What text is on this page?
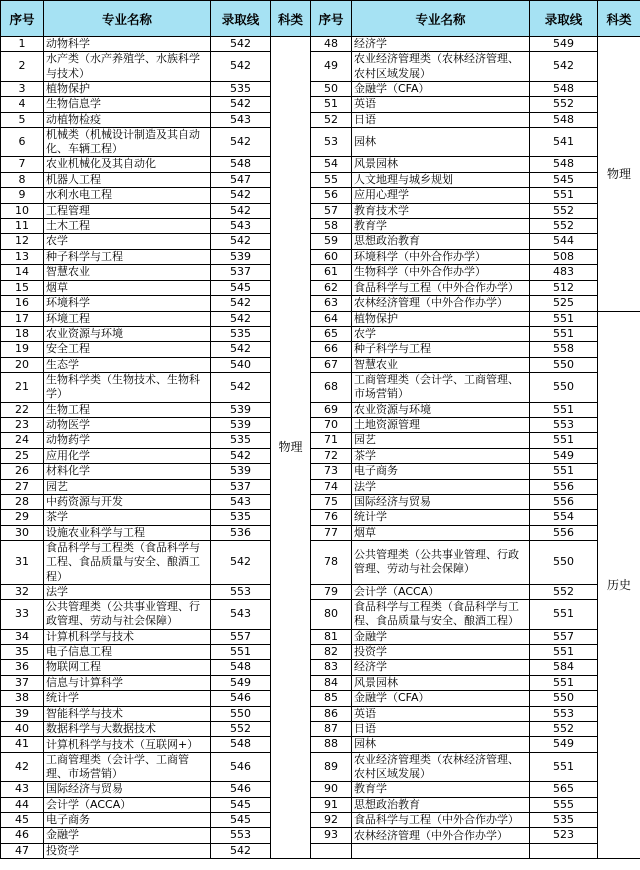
序号	专业名称	录取线	科类	序号	专业名称	录取线	科类
1	动物科学	542	物理	48	经济学	549	物理
2	水产类（水产养殖学、水族科学与技术）	542		49	农业经济管理类（农林经济管理、农村区域发展）	542	
3	植物保护	535		50	金融学（CFA）	548	
4	生物信息学	542		51	英语	552	
5	动植物检疫	543		52	日语	548	
6	机械类（机械设计制造及其自动化、车辆工程）	542		53	园林	541	
7	农业机械化及其自动化	548		54	风景园林	548	
8	机器人工程	547		55	人文地理与城乡规划	545	
9	水利水电工程	542		56	应用心理学	551	
10	工程管理	542		57	教育技术学	552	
11	土木工程	543		58	教育学	552	
12	农学	542		59	思想政治教育	544	
13	种子科学与工程	539		60	环境科学（中外合作办学）	508	
14	智慧农业	537		61	生物科学（中外合作办学）	483	
15	烟草	545		62	食品科学与工程（中外合作办学）	512	
16	环境科学	542		63	农林经济管理（中外合作办学）	525	
17	环境工程	542		64	植物保护	551	历史
18	农业资源与环境	535		65	农学	551	
19	安全工程	542		66	种子科学与工程	558	
20	生态学	540		67	智慧农业	550	
21	生物科学类（生物技术、生物科学）	542		68	工商管理类（会计学、工商管理、市场营销）	550	
22	生物工程	539		69	农业资源与环境	551	
23	动物医学	539		70	土地资源管理	553	
24	动物药学	535		71	园艺	551	
25	应用化学	542		72	茶学	549	
26	材料化学	539		73	电子商务	551	
27	园艺	537		74	法学	556	
28	中药资源与开发	543		75	国际经济与贸易	556	
29	茶学	535		76	统计学	554	
30	设施农业科学与工程	536		77	烟草	556	
31	食品科学与工程类（食品科学与工程、食品质量与安全、酿酒工程）	542		78	公共管理类（公共事业管理、行政管理、劳动与社会保障）	550	
32	法学	553		79	会计学（ACCA）	552	
33	公共管理类（公共事业管理、行政管理、劳动与社会保障）	543		80	食品科学与工程类（食品科学与工程、食品质量与安全、酿酒工程）	551	
34	计算机科学与技术	557		81	金融学	557	
35	电子信息工程	551		82	投资学	551	
36	物联网工程	548		83	经济学	584	
37	信息与计算科学	549		84	风景园林	551	
38	统计学	546		85	金融学（CFA）	550	
39	智能科学与技术	550		86	英语	553	
40	数据科学与大数据技术	552		87	日语	552	
41	计算机科学与技术（互联网+）	548		88	园林	549	
42	工商管理类（会计学、工商管理、市场营销）	546		89	农业经济管理类（农林经济管理、农村区域发展）	551	
43	国际经济与贸易	546		90	教育学	565	
44	会计学（ACCA）	545		91	思想政治教育	555	
45	电子商务	545		92	食品科学与工程（中外合作办学）	535	
46	金融学	553		93	农林经济管理（中外合作办学）	523	
47	投资学	542					
